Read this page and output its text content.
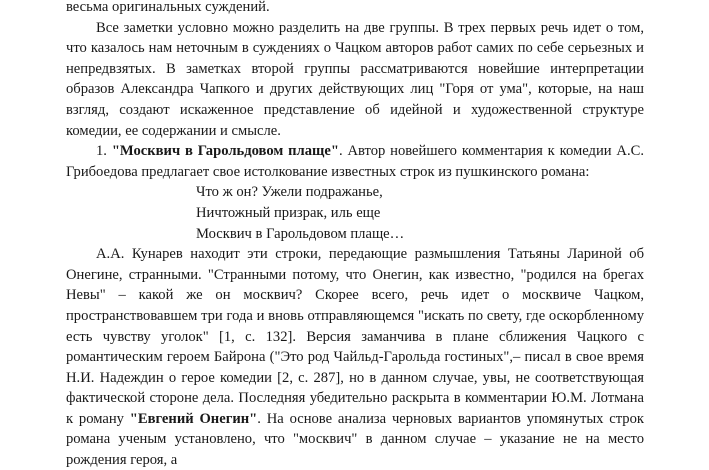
весьма оригинальных суждений.

Все заметки условно можно разделить на две группы. В трех первых речь идет о том, что казалось нам неточным в суждениях о Чацком авторов работ самих по себе серьезных и непредвзятых. В заметках второй группы рассматриваются новейшие интерпретации образов Александра Чапкого и других действующих лиц "Горя от ума", которые, на наш взгляд, создают искаженное представление об идейной и художественной структуре комедии, ее содержании и смысле.

1. "Москвич в Гарольдовом плаще". Автор новейшего комментария к комедии А.С. Грибоедова предлагает свое истолкование известных строк из пушкинского романа:

Что ж он? Ужели подражанье,
Ничтожный призрак, иль еще
Москвич в Гарольдовом плаще…

А.А. Кунарев находит эти строки, передающие размышления Татьяны Лариной об Онегине, странными. "Странными потому, что Онегин, как известно, "родился на брегах Невы" – какой же он москвич? Скорее всего, речь идет о москвиче Чацком, пространствовавшем три года и вновь отправляющемся "искать по свету, где оскорбленному есть чувству уголок" [1, с. 132]. Версия заманчива в плане сближения Чацкого с романтическим героем Байрона ("Это род Чайльд-Гарольда гостиных",– писал в свое время Н.И. Надеждин о герое комедии [2, с. 287], но в данном случае, увы, не соответствующая фактической стороне дела. Последняя убедительно раскрыта в комментарии Ю.М. Лотмана к роману "Евгений Онегин". На основе анализа черновых вариантов упомянутых строк романа ученым установлено, что "москвич" в данном случае – указание не на место рождения героя, а
